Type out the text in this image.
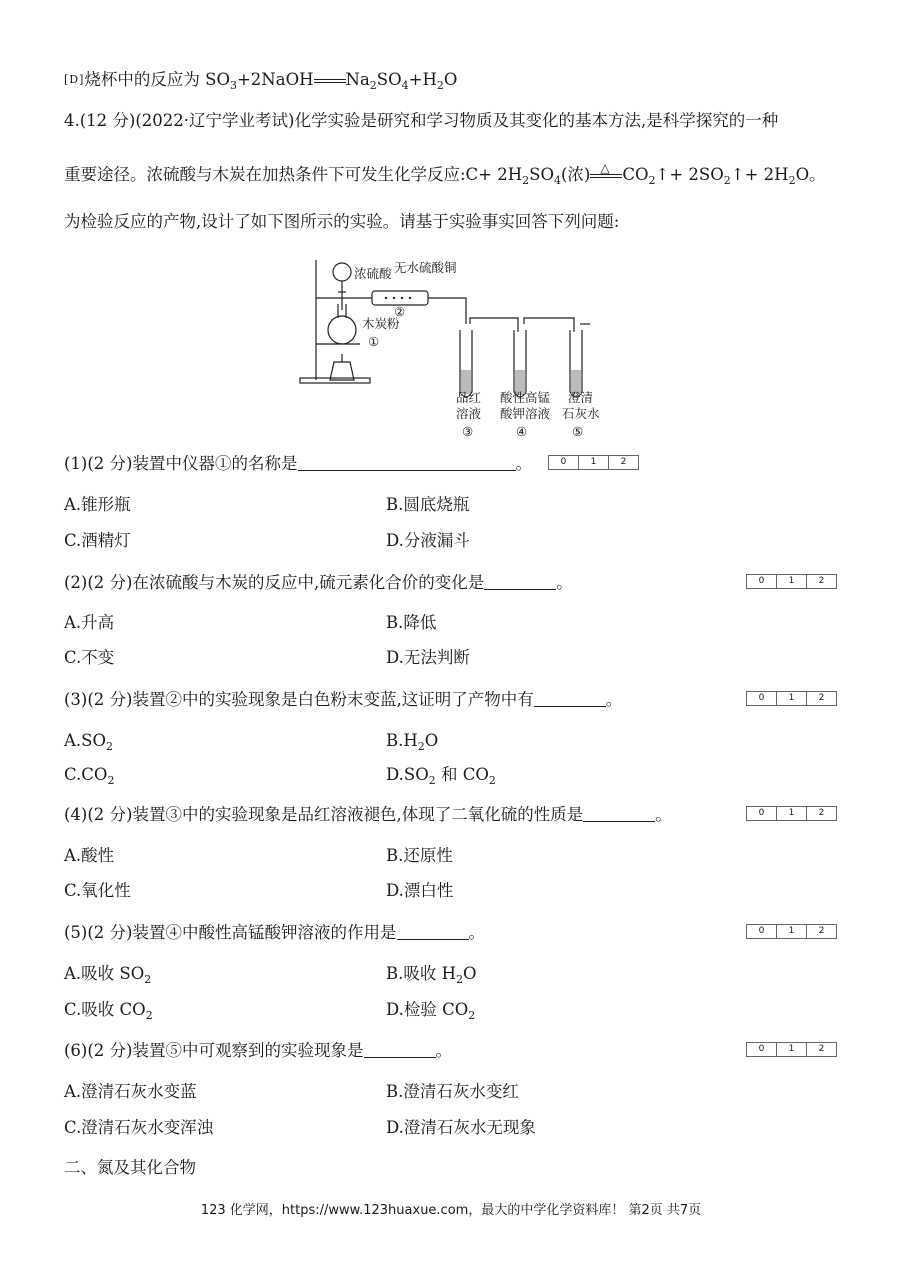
[D]烧杯中的反应为 $SO_3+2NaOH$ $Na_2SO_4+H_2O$
4.(12 分)(2022·辽宁学业考试)化学实验是研究和学习物质及其变化的基本方法,是科学探究的一种
重要途径。浓硫酸与木炭在加热条件下可发生化学反应:C+ $2H_2SO_4$(浓) △ $CO_2↑+$ $2SO_2↑+ 2H_2O$。
为检验反应的产物,设计了如下图所示的实验。请基于实验事实回答下列问题:
浓硫酸 无水硫酸铜
②
木炭粉
①
品红
溶液
③
酸性高锰
酸钾溶液
④
澄清
石灰水
⑤
(1)(2 分)装置中仪器①的名称是	。	0	1	2
A.锥形瓶	B.圆底烧瓶
C.酒精灯	D.分液漏斗
(2)(2 分)在浓硫酸与木炭的反应中,硫元素化合价的变化是	。	0	1	2
A.升高	B.降低
C.不变	D.无法判断
(3)(2 分)装置②中的实验现象是白色粉末变蓝,这证明了产物中有	。	0	1	2
$A.SO_2$	$B.H_2O$
$C.CO_2$	$D.SO_2$ 和 $CO_2$
(4)(2 分)装置③中的实验现象是品红溶液褪色,体现了二氧化硫的性质是	。	0	1	2
A.酸性	B.还原性
C.氧化性	D.漂白性
(5)(2 分)装置④中酸性高锰酸钾溶液的作用是	。	0	1	2
A.吸收 $SO_2$	B.吸收 $H_2O$
C.吸收 $CO_2$	D.检验 $CO_2$
(6)(2 分)装置⑤中可观察到的实验现象是	。	0	1	2
A.澄清石灰水变蓝	B.澄清石灰水变红
C.澄清石灰水变浑浊	D.澄清石灰水无现象
二、氮及其化合物
123 化学网，https://www.123huaxue.com，最大的中学化学资料库！ 第2页 共7页
